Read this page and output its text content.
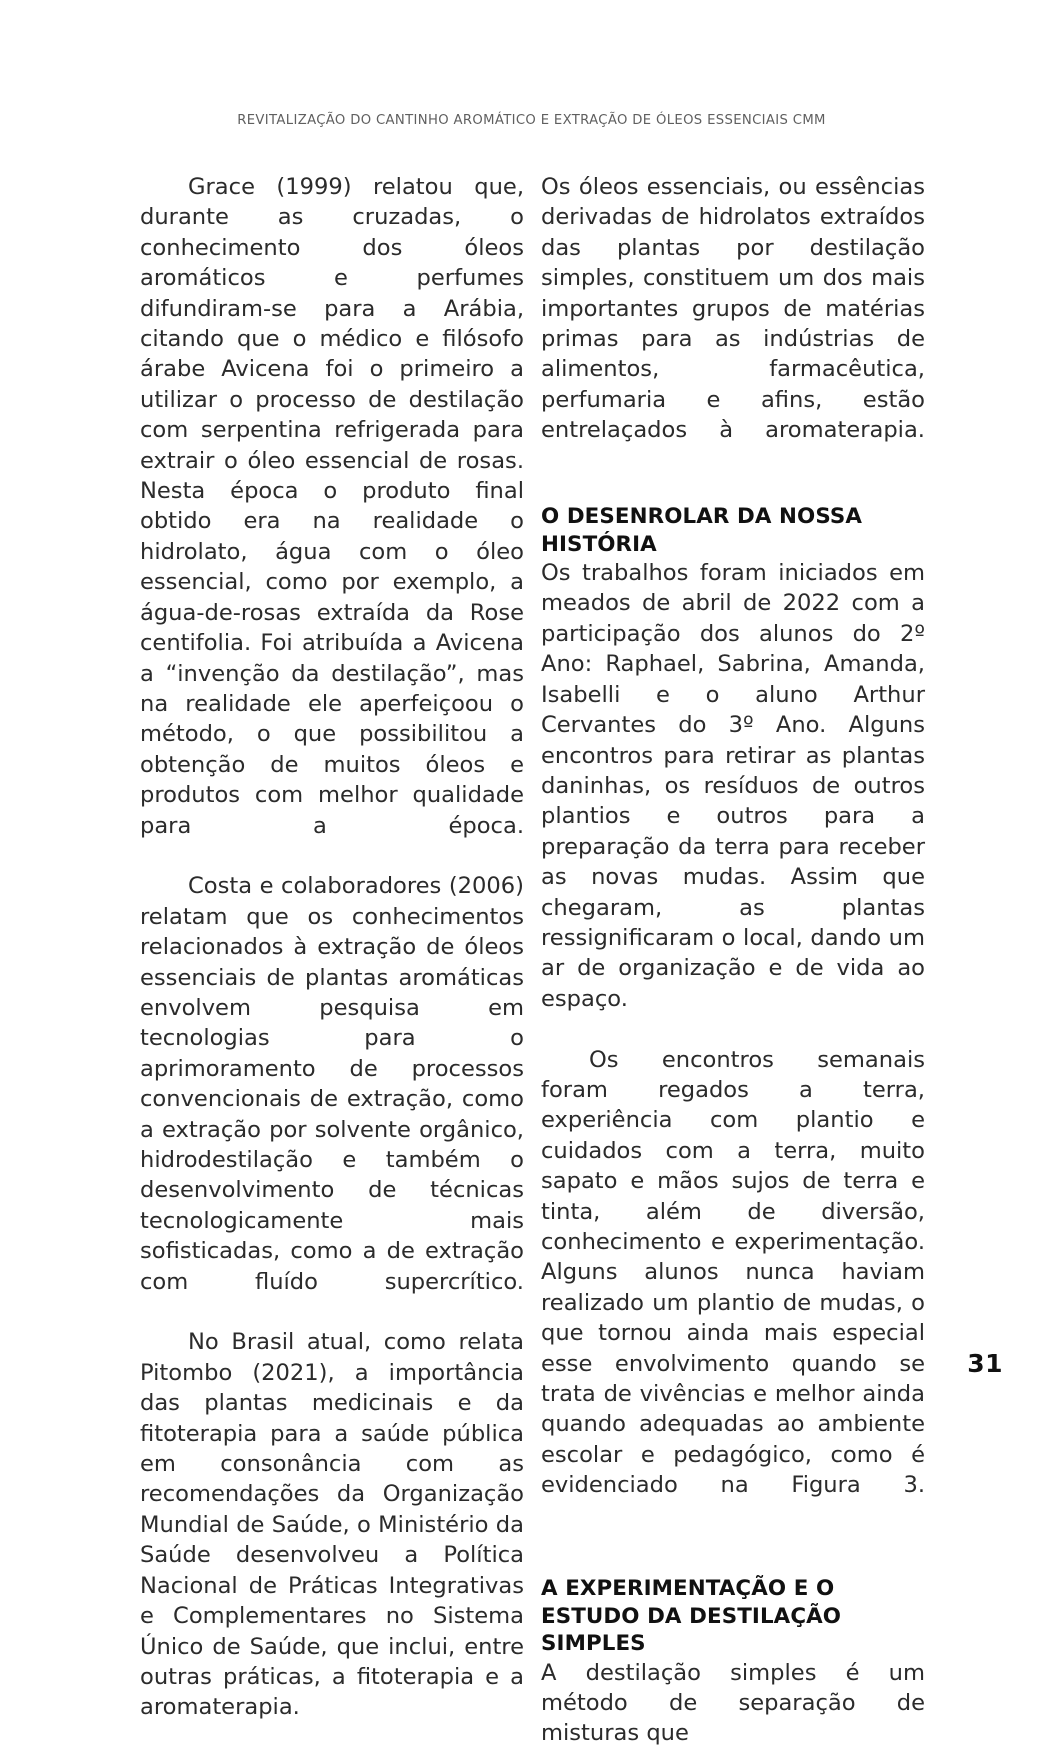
REVITALIZAÇÃO DO CANTINHO AROMÁTICO E EXTRAÇÃO DE ÓLEOS ESSENCIAIS CMM

Grace (1999) relatou que, durante as cruzadas, o conhecimento dos óleos aromáticos e perfumes difundiram-se para a Arábia, citando que o médico e filósofo árabe Avicena foi o primeiro a utilizar o processo de destilação com serpentina refrigerada para extrair o óleo essencial de rosas. Nesta época o produto final obtido era na realidade o hidrolato, água com o óleo essencial, como por exemplo, a água-de-rosas extraída da Rose centifolia. Foi atribuída a Avicena a “invenção da destilação”, mas na realidade ele aperfeiçoou o método, o que possibilitou a obtenção de muitos óleos e produtos com melhor qualidade para a época.

Costa e colaboradores (2006) relatam que os conhecimentos relacionados à extração de óleos essenciais de plantas aromáticas envolvem pesquisa em tecnologias para o aprimoramento de processos convencionais de extração, como a extração por solvente orgânico, hidrodestilação e também o desenvolvimento de técnicas tecnologicamente mais sofisticadas, como a de extração com fluído supercrítico.

No Brasil atual, como relata Pitombo (2021), a importância das plantas medicinais e da fitoterapia para a saúde pública em consonância com as recomendações da Organização Mundial de Saúde, o Ministério da Saúde desenvolveu a Política Nacional de Práticas Integrativas e Complementares no Sistema Único de Saúde, que inclui, entre outras práticas, a fitoterapia e a aromaterapia.

Os óleos essenciais, ou essências derivadas de hidrolatos extraídos das plantas por destilação simples, constituem um dos mais importantes grupos de matérias primas para as indústrias de alimentos, farmacêutica, perfumaria e afins, estão entrelaçados à aromaterapia.

O DESENROLAR DA NOSSA HISTÓRIA

Os trabalhos foram iniciados em meados de abril de 2022 com a participação dos alunos do 2º Ano: Raphael, Sabrina, Amanda, Isabelli e o aluno Arthur Cervantes do 3º Ano. Alguns encontros para retirar as plantas daninhas, os resíduos de outros plantios e outros para a preparação da terra para receber as novas mudas. Assim que chegaram, as plantas ressignificaram o local, dando um ar de organização e de vida ao espaço.

Os encontros semanais foram regados a terra, experiência com plantio e cuidados com a terra, muito sapato e mãos sujos de terra e tinta, além de diversão, conhecimento e experimentação. Alguns alunos nunca haviam realizado um plantio de mudas, o que tornou ainda mais especial esse envolvimento quando se trata de vivências e melhor ainda quando adequadas ao ambiente escolar e pedagógico, como é evidenciado na Figura 3.

A EXPERIMENTAÇÃO E O ESTUDO DA DESTILAÇÃO SIMPLES

A destilação simples é um método de separação de misturas que

31
